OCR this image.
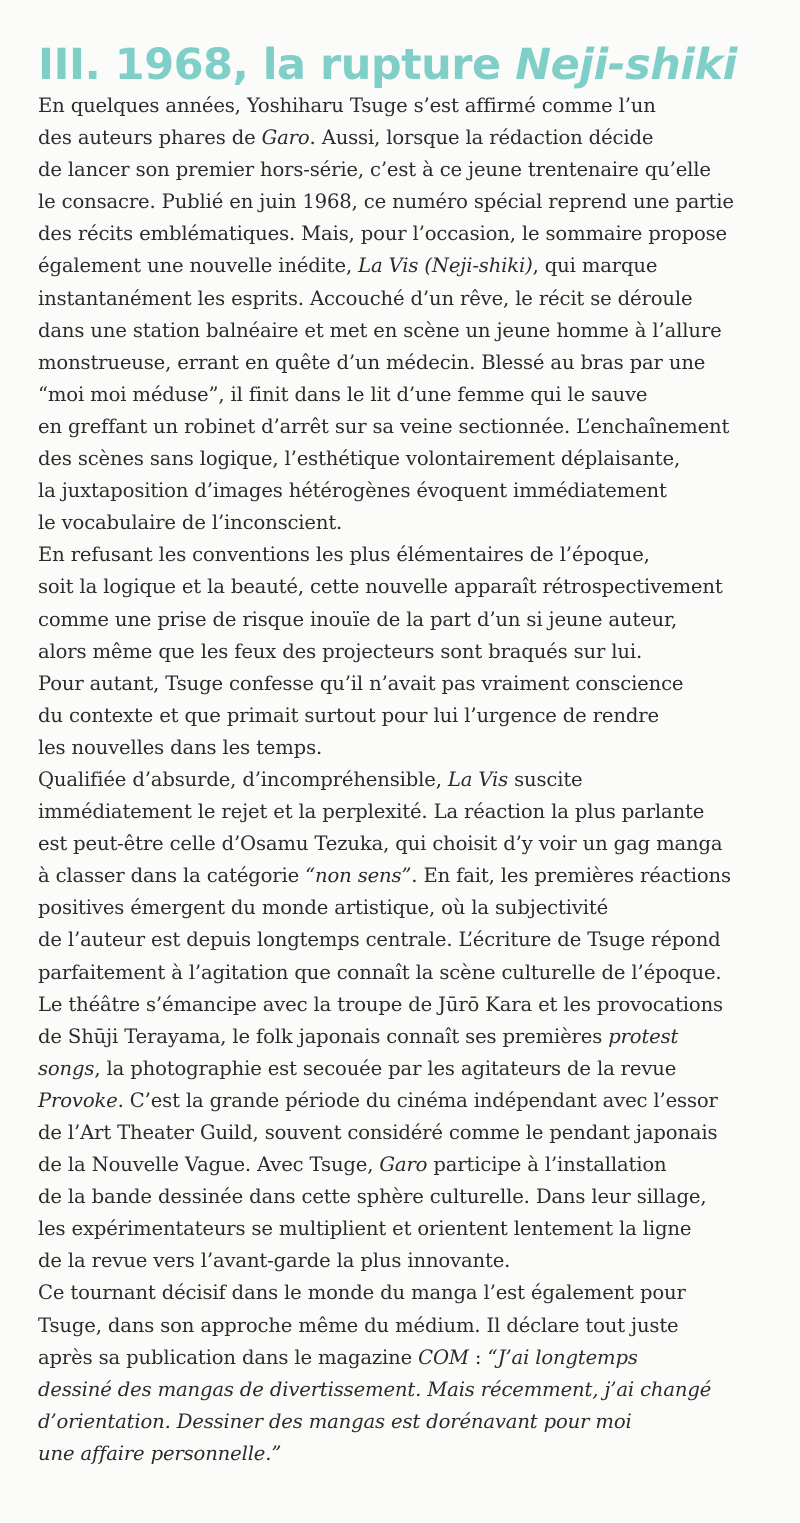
III. 1968, la rupture Neji-shiki
En quelques années, Yoshiharu Tsuge s’est affirmé comme l’un
des auteurs phares de Garo. Aussi, lorsque la rédaction décide
de lancer son premier hors-série, c’est à ce jeune trentenaire qu’elle
le consacre. Publié en juin 1968, ce numéro spécial reprend une partie
des récits emblématiques. Mais, pour l’occasion, le sommaire propose
également une nouvelle inédite, La Vis (Neji-shiki), qui marque
instantanément les esprits. Accouché d’un rêve, le récit se déroule
dans une station balnéaire et met en scène un jeune homme à l’allure
monstrueuse, errant en quête d’un médecin. Blessé au bras par une
“moi moi méduse”, il finit dans le lit d’une femme qui le sauve
en greffant un robinet d’arrêt sur sa veine sectionnée. L’enchaînement
des scènes sans logique, l’esthétique volontairement déplaisante,
la juxtaposition d’images hétérogènes évoquent immédiatement
le vocabulaire de l’inconscient.
En refusant les conventions les plus élémentaires de l’époque,
soit la logique et la beauté, cette nouvelle apparaît rétrospectivement
comme une prise de risque inouïe de la part d’un si jeune auteur,
alors même que les feux des projecteurs sont braqués sur lui.
Pour autant, Tsuge confesse qu’il n’avait pas vraiment conscience
du contexte et que primait surtout pour lui l’urgence de rendre
les nouvelles dans les temps.
Qualifiée d’absurde, d’incompréhensible, La Vis suscite
immédiatement le rejet et la perplexité. La réaction la plus parlante
est peut-être celle d’Osamu Tezuka, qui choisit d’y voir un gag manga
à classer dans la catégorie “non sens”. En fait, les premières réactions
positives émergent du monde artistique, où la subjectivité
de l’auteur est depuis longtemps centrale. L’écriture de Tsuge répond
parfaitement à l’agitation que connaît la scène culturelle de l’époque.
Le théâtre s’émancipe avec la troupe de Jūrō Kara et les provocations
de Shūji Terayama, le folk japonais connaît ses premières protest
songs, la photographie est secouée par les agitateurs de la revue
Provoke. C’est la grande période du cinéma indépendant avec l’essor
de l’Art Theater Guild, souvent considéré comme le pendant japonais
de la Nouvelle Vague. Avec Tsuge, Garo participe à l’installation
de la bande dessinée dans cette sphère culturelle. Dans leur sillage,
les expérimentateurs se multiplient et orientent lentement la ligne
de la revue vers l’avant-garde la plus innovante.
Ce tournant décisif dans le monde du manga l’est également pour
Tsuge, dans son approche même du médium. Il déclare tout juste
après sa publication dans le magazine COM : “J’ai longtemps
dessiné des mangas de divertissement. Mais récemment, j’ai changé
d’orientation. Dessiner des mangas est dorénavant pour moi
une affaire personnelle.”
